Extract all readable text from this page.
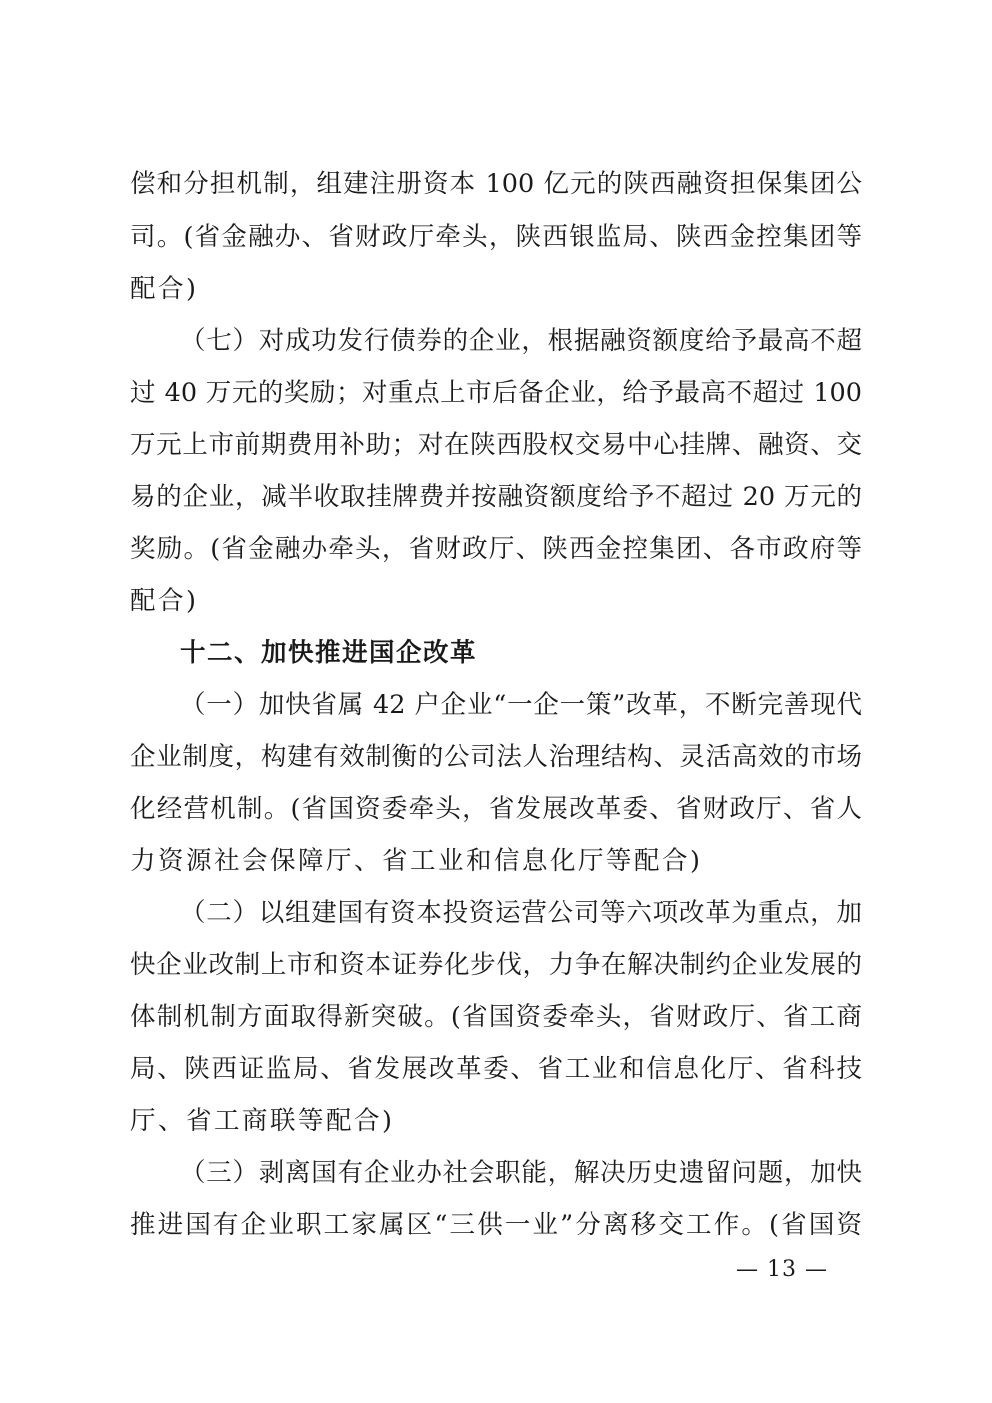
偿和分担机制，组建注册资本 100 亿元的陕西融资担保集团公
司。(省金融办、省财政厅牵头，陕西银监局、陕西金控集团等
配合)
（七）对成功发行债券的企业，根据融资额度给予最高不超
过 40 万元的奖励；对重点上市后备企业，给予最高不超过 100
万元上市前期费用补助；对在陕西股权交易中心挂牌、融资、交
易的企业，减半收取挂牌费并按融资额度给予不超过 20 万元的
奖励。(省金融办牵头，省财政厅、陕西金控集团、各市政府等
配合)
十二、加快推进国企改革
（一）加快省属 42 户企业“一企一策”改革，不断完善现代
企业制度，构建有效制衡的公司法人治理结构、灵活高效的市场
化经营机制。(省国资委牵头，省发展改革委、省财政厅、省人
力资源社会保障厅、省工业和信息化厅等配合)
（二）以组建国有资本投资运营公司等六项改革为重点，加
快企业改制上市和资本证券化步伐，力争在解决制约企业发展的
体制机制方面取得新突破。(省国资委牵头，省财政厅、省工商
局、陕西证监局、省发展改革委、省工业和信息化厅、省科技
厅、省工商联等配合)
（三）剥离国有企业办社会职能，解决历史遗留问题，加快
推进国有企业职工家属区“三供一业”分离移交工作。(省国资
— 13 —
